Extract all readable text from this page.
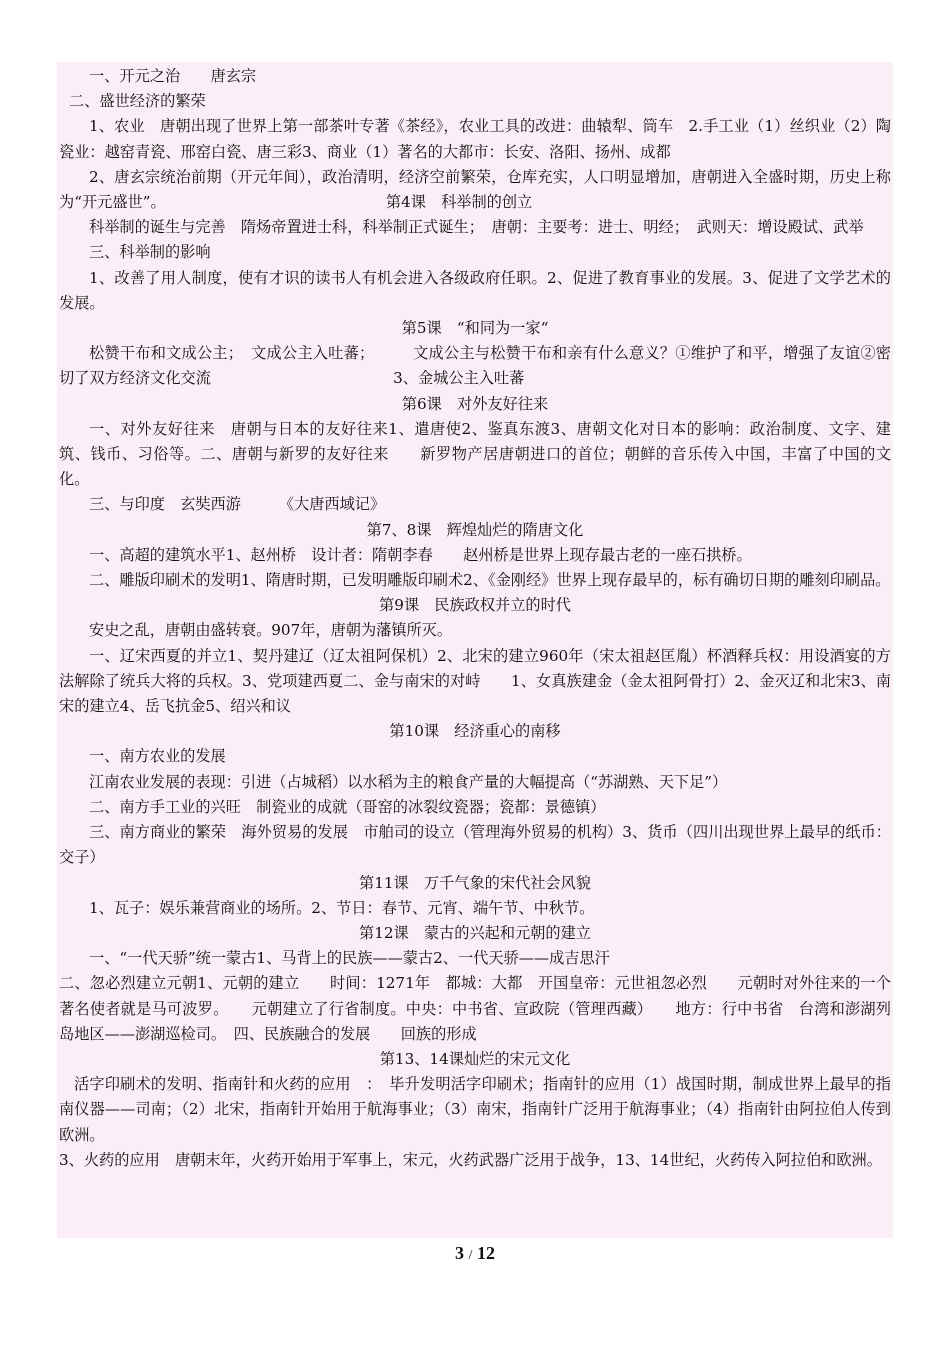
一、开元之治　　唐玄宗

二、盛世经济的繁荣

1、农业　唐朝出现了世界上第一部茶叶专著《茶经》，农业工具的改进：曲辕犁、筒车　2.手工业（1）丝织业（2）陶瓷业：越窑青瓷、邢窑白瓷、唐三彩3、商业（1）著名的大都市：长安、洛阳、扬州、成都

2、唐玄宗统治前期（开元年间），政治清明，经济空前繁荣，仓库充实，人口明显增加，唐朝进入全盛时期，历史上称为“开元盛世”。　　　　　　　　　　　　　　　第4课　科举制的创立

科举制的诞生与完善　隋炀帝置进士科，科举制正式诞生；　唐朝：主要考：进士、明经；　武则天：增设殿试、武举

三、科举制的影响

1、改善了用人制度，使有才识的读书人有机会进入各级政府任职。2、促进了教育事业的发展。3、促进了文学艺术的发展。

第5课　“和同为一家“

松赞干布和文成公主；　文成公主入吐蕃；　　　文成公主与松赞干布和亲有什么意义？①维护了和平，增强了友谊②密切了双方经济文化交流　　　　　　　　　　　　3、金城公主入吐蕃

第6课　对外友好往来

一、对外友好往来　唐朝与日本的友好往来1、遣唐使2、鉴真东渡3、唐朝文化对日本的影响：政治制度、文字、建筑、钱币、习俗等。二、唐朝与新罗的友好往来　　新罗物产居唐朝进口的首位；朝鲜的音乐传入中国，丰富了中国的文化。

三、与印度　玄奘西游　　　《大唐西域记》

第7、8课　辉煌灿烂的隋唐文化

一、高超的建筑水平1、赵州桥　设计者：隋朝李春　　赵州桥是世界上现存最古老的一座石拱桥。

二、雕版印刷术的发明1、隋唐时期，已发明雕版印刷术2、《金刚经》世界上现存最早的，标有确切日期的雕刻印刷品。

第9课　民族政权并立的时代

安史之乱，唐朝由盛转衰。907年，唐朝为藩镇所灭。

一、辽宋西夏的并立1、契丹建辽（辽太祖阿保机）2、北宋的建立960年（宋太祖赵匡胤）杯酒释兵权：用设酒宴的方法解除了统兵大将的兵权。3、党项建西夏二、金与南宋的对峙　　1、女真族建金（金太祖阿骨打）2、金灭辽和北宋3、南宋的建立4、岳飞抗金5、绍兴和议

第10课　经济重心的南移

一、南方农业的发展

江南农业发展的表现：引进（占城稻）以水稻为主的粮食产量的大幅提高（“苏湖熟、天下足”）

二、南方手工业的兴旺　制瓷业的成就（哥窑的冰裂纹瓷器；瓷都：景德镇）

三、南方商业的繁荣　海外贸易的发展　市舶司的设立（管理海外贸易的机构）3、货币（四川出现世界上最早的纸币：交子）

第11课　万千气象的宋代社会风貌

1、瓦子：娱乐兼营商业的场所。2、节日：春节、元宵、端午节、中秋节。

第12课　蒙古的兴起和元朝的建立

一、“一代天骄”统一蒙古1、马背上的民族——蒙古2、一代天骄——成吉思汗

二、忽必烈建立元朝1、元朝的建立　　时间：1271年　都城：大都　开国皇帝：元世祖忽必烈　　元朝时对外往来的一个著名使者就是马可波罗。　　元朝建立了行省制度。中央：中书省、宣政院（管理西藏）　　地方：行中书省　台湾和澎湖列岛地区——澎湖巡检司。　四、民族融合的发展　　回族的形成

第13、14课灿烂的宋元文化

活字印刷术的发明、指南针和火药的应用　：　毕升发明活字印刷术；指南针的应用（1）战国时期，制成世界上最早的指南仪器——司南；（2）北宋，指南针开始用于航海事业；（3）南宋，指南针广泛用于航海事业；（4）指南针由阿拉伯人传到欧洲。

3、火药的应用　唐朝末年，火药开始用于军事上，宋元，火药武器广泛用于战争，13、14世纪，火药传入阿拉伯和欧洲。

3 / 12
